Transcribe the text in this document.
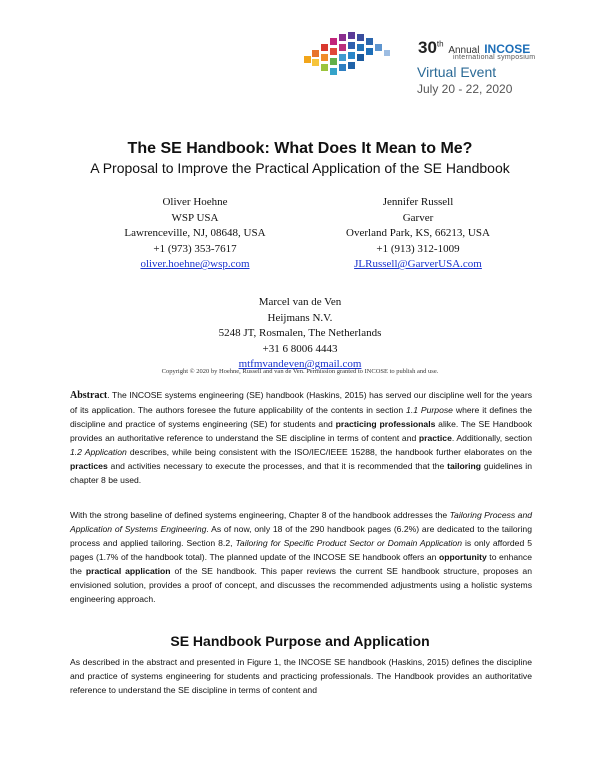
30th Annual INCOSE
international symposium
Virtual Event
July 20 - 22, 2020
The SE Handbook: What Does It Mean to Me?
A Proposal to Improve the Practical Application of the SE Handbook
Oliver Hoehne
WSP USA
Lawrenceville, NJ, 08648, USA
+1 (973) 353-7617
oliver.hoehne@wsp.com
Jennifer Russell
Garver
Overland Park, KS, 66213, USA
+1 (913) 312-1009
JLRussell@GarverUSA.com
Marcel van de Ven
Heijmans N.V.
5248 JT, Rosmalen, The Netherlands
+31 6 8006 4443
mtfmvandeven@gmail.com
Copyright © 2020 by Hoehne, Russell and van de Ven. Permission granted to INCOSE to publish and use.
Abstract. The INCOSE systems engineering (SE) handbook (Haskins, 2015) has served our discipline well for the years of its application. The authors foresee the future applicability of the contents in section 1.1 Purpose where it defines the discipline and practice of systems engineering (SE) for students and practicing professionals alike. The SE Handbook provides an authoritative reference to understand the SE discipline in terms of content and practice. Additionally, section 1.2 Application describes, while being consistent with the ISO/IEC/IEEE 15288, the handbook further elaborates on the practices and activities necessary to execute the processes, and that it is recommended that the tailoring guidelines in chapter 8 be used.
With the strong baseline of defined systems engineering, Chapter 8 of the handbook addresses the Tailoring Process and Application of Systems Engineering. As of now, only 18 of the 290 handbook pages (6.2%) are dedicated to the tailoring process and applied tailoring. Section 8.2, Tailoring for Specific Product Sector or Domain Application is only afforded 5 pages (1.7% of the handbook total). The planned update of the INCOSE SE handbook offers an opportunity to enhance the practical application of the SE handbook. This paper reviews the current SE handbook structure, proposes an envisioned solution, provides a proof of concept, and discusses the recommended adjustments using a holistic systems engineering approach.
SE Handbook Purpose and Application
As described in the abstract and presented in Figure 1, the INCOSE SE handbook (Haskins, 2015) defines the discipline and practice of systems engineering for students and practicing professionals. The Handbook provides an authoritative reference to understand the SE discipline in terms of content and
